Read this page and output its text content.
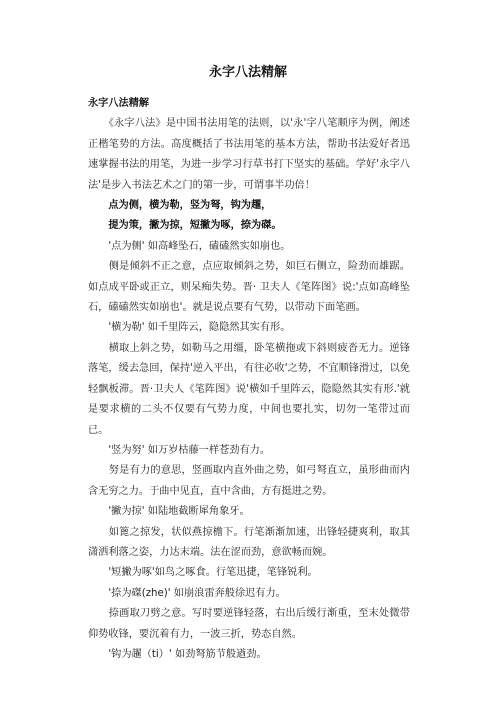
永字八法精解

永字八法精解

　　《永字八法》是中国书法用笔的法则，以'永'字八笔顺序为例，阐述正楷笔势的方法。高度概括了书法用笔的基本方法，帮助书法爱好者迅速掌握书法的用笔，为进一步学习行草书打下坚实的基础。学好'永字八法'是步入书法艺术之门的第一步，可谓事半功倍！

　　点为侧，横为勒，竖为弩，钩为趯，

　　提为策，撇为掠，短撇为啄，捺为磔。

　　'点为侧' 如高峰坠石，磕磕然实如崩也。

　　侧是倾斜不正之意，点应取倾斜之势，如巨石侧立，险劲而雄踞。如点成平卧或正立，则呆痴失势。晋· 卫夫人《笔阵图》说:'点如高峰坠石，磕磕然实如崩也'。就是说点要有气势，以带动下面笔画。

　　'横为勒' 如千里阵云，隐隐然其实有形。

　　横取上斜之势，如勒马之用缰，卧笔横拖或下斜则疲沓无力。逆锋落笔，缓去急回，保持'逆入平出，有往必收'之势，不宜顺锋滑过，以免轻飘板滞。晋·卫夫人《笔阵图》说'横如千里阵云，隐隐然其实有形.'就是要求横的二头不仅要有气势力度，中间也要扎实，切勿一笔带过而已。

　　'竖为努' 如万岁枯藤一样苍劲有力。

　　努是有力的意思，竖画取内直外曲之势，如弓弩直立，虽形曲而内含无穷之力。于曲中见直，直中含曲，方有挺进之势。

　　'撇为掠' 如陆地截断犀角象牙。

　　如篦之掠发，状似燕掠檐下。行笔渐渐加速，出锋轻捷爽利，取其潇洒利落之姿，力达末端。法在涩而劲，意欲畅而婉。

　　'短撇为啄'如鸟之啄食。行笔迅捷，笔锋锐利。

　　'捺为磔(zhe)' 如崩浪雷奔般徐迟有力。

　　捺画取刀劈之意。写时要逆锋轻落，右出后缓行渐重，至末处微带仰势收锋，要沉着有力，一波三折，势态自然。

　　'钩为趯（ti）' 如劲弩筋节般遒劲。
